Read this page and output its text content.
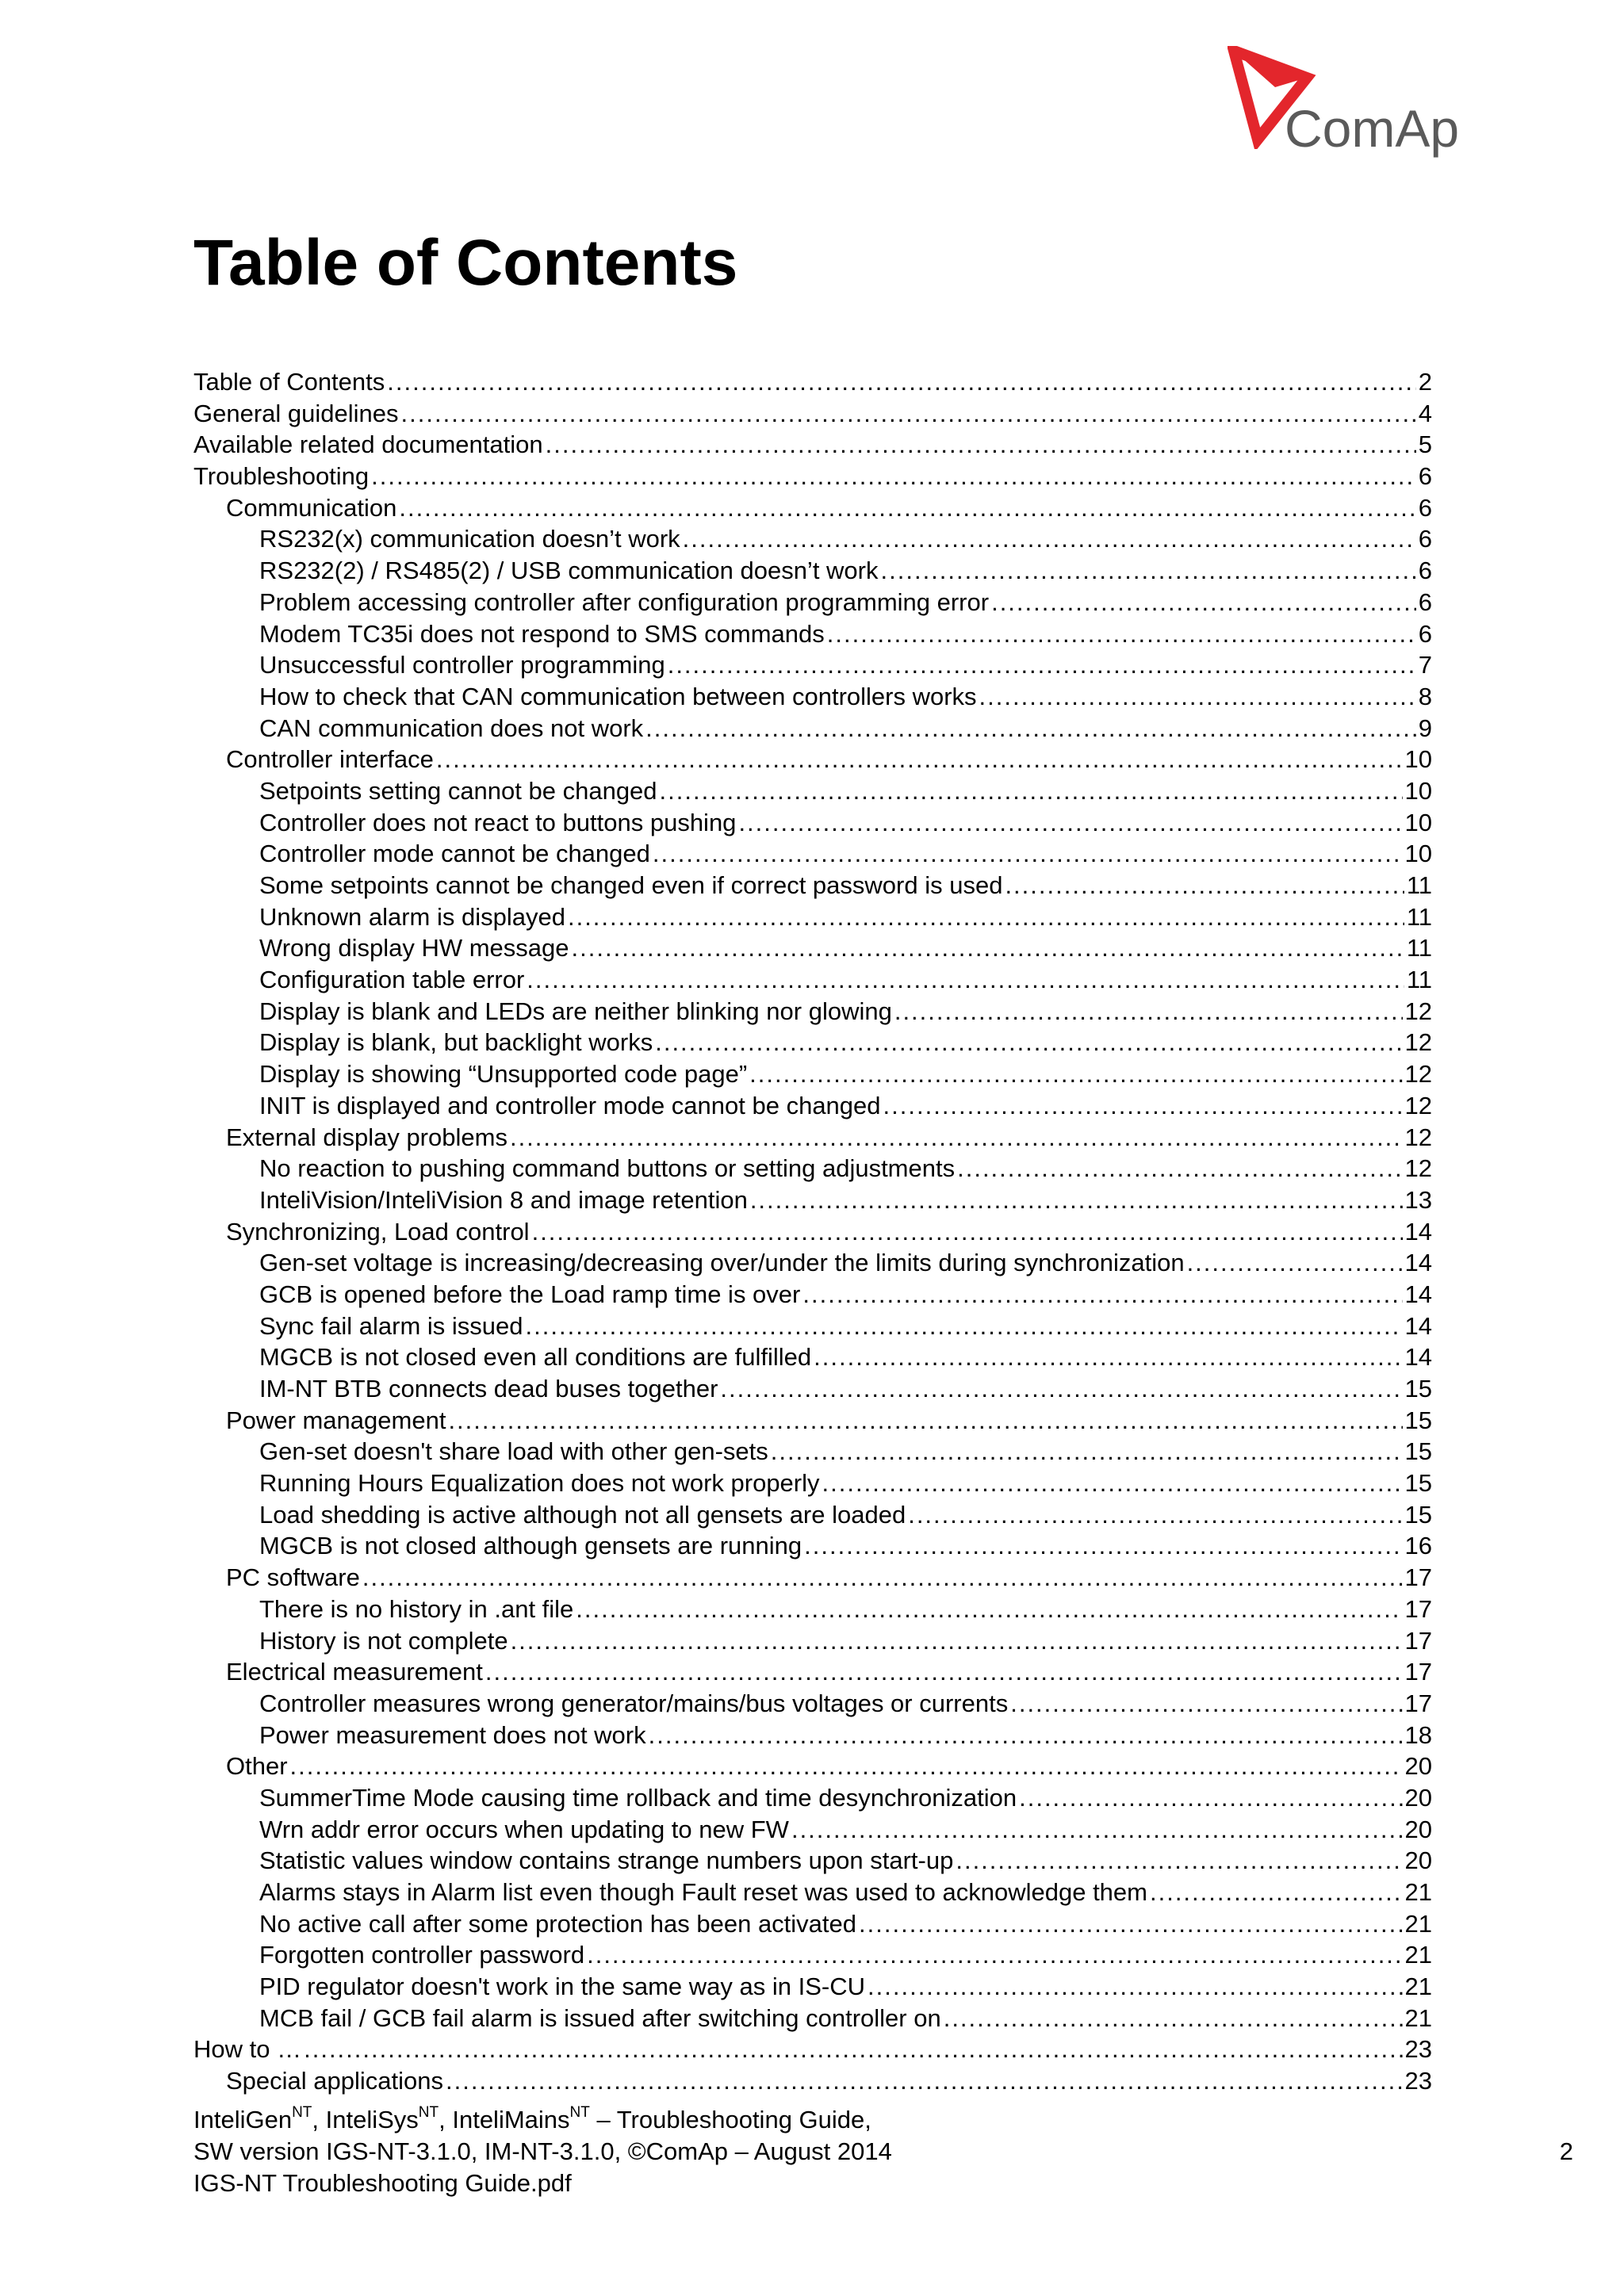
ComAp
Table of Contents
Table of Contents .....	2
General guidelines .....	4
Available related documentation .....	5
Troubleshooting .....	6
Communication .....	6
RS232(x) communication doesn’t work .....	6
RS232(2) / RS485(2) / USB communication doesn’t work .....	6
Problem accessing controller after configuration programming error .....	6
Modem TC35i does not respond to SMS commands .....	6
Unsuccessful controller programming .....	7
How to check that CAN communication between controllers works .....	8
CAN communication does not work .....	9
Controller interface .....	10
Setpoints setting cannot be changed .....	10
Controller does not react to buttons pushing .....	10
Controller mode cannot be changed .....	10
Some setpoints cannot be changed even if correct password is used .....	11
Unknown alarm is displayed .....	11
Wrong display HW message .....	11
Configuration table error .....	11
Display is blank and LEDs are neither blinking nor glowing .....	12
Display is blank, but backlight works .....	12
Display is showing “Unsupported code page” .....	12
INIT is displayed and controller mode cannot be changed .....	12
External display problems .....	12
No reaction to pushing command buttons or setting adjustments .....	12
InteliVision/InteliVision 8 and image retention .....	13
Synchronizing, Load control .....	14
Gen-set voltage is increasing/decreasing over/under the limits during synchronization .....	14
GCB is opened before the Load ramp time is over .....	14
Sync fail alarm is issued .....	14
MGCB is not closed even all conditions are fulfilled .....	14
IM-NT BTB connects dead buses together .....	15
Power management .....	15
Gen-set doesn't share load with other gen-sets .....	15
Running Hours Equalization does not work properly .....	15
Load shedding is active although not all gensets are loaded .....	15
MGCB is not closed although gensets are running .....	16
PC software .....	17
There is no history in .ant file .....	17
History is not complete .....	17
Electrical measurement .....	17
Controller measures wrong generator/mains/bus voltages or currents .....	17
Power measurement does not work .....	18
Other .....	20
SummerTime Mode causing time rollback and time desynchronization .....	20
Wrn addr error occurs when updating to new FW .....	20
Statistic values window contains strange numbers upon start-up .....	20
Alarms stays in Alarm list even though Fault reset was used to acknowledge them .....	21
No active call after some protection has been activated .....	21
Forgotten controller password .....	21
PID regulator doesn't work in the same way as in IS-CU .....	21
MCB fail / GCB fail alarm is issued after switching controller on .....	21
How to … .....	23
Special applications .....	23
InteliGen$^{NT}$, InteliSys$^{NT}$, InteliMains$^{NT}$ – Troubleshooting Guide,
SW version IGS-NT-3.1.0, IM-NT-3.1.0, ©ComAp – August 2014
IGS-NT Troubleshooting Guide.pdf
2
